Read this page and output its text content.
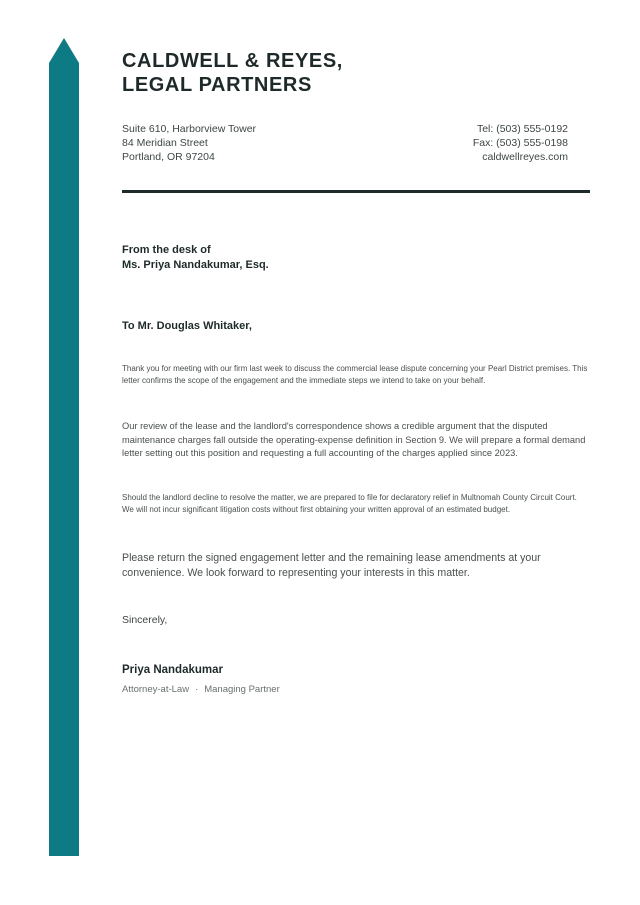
CALDWELL & REYES,
LEGAL PARTNERS
Suite 610, Harborview Tower
84 Meridian Street
Portland, OR 97204
Tel: (503) 555-0192
Fax: (503) 555-0198
caldwellreyes.com
From the desk of
Ms. Priya Nandakumar, Esq.
To Mr. Douglas Whitaker,

Thank you for meeting with our firm last week to discuss the commercial lease dispute concerning your Pearl District premises. This letter confirms the scope of the engagement and the immediate steps we intend to take on your behalf.

Our review of the lease and the landlord's correspondence shows a credible argument that the disputed maintenance charges fall outside the operating-expense definition in Section 9. We will prepare a formal demand letter setting out this position and requesting a full accounting of the charges applied since 2023.

Should the landlord decline to resolve the matter, we are prepared to file for declaratory relief in Multnomah County Circuit Court. We will not incur significant litigation costs without first obtaining your written approval of an estimated budget.

Please return the signed engagement letter and the remaining lease amendments at your convenience. We look forward to representing your interests in this matter.

Sincerely,
Priya Nandakumar
Attorney-at-Law · Managing Partner
